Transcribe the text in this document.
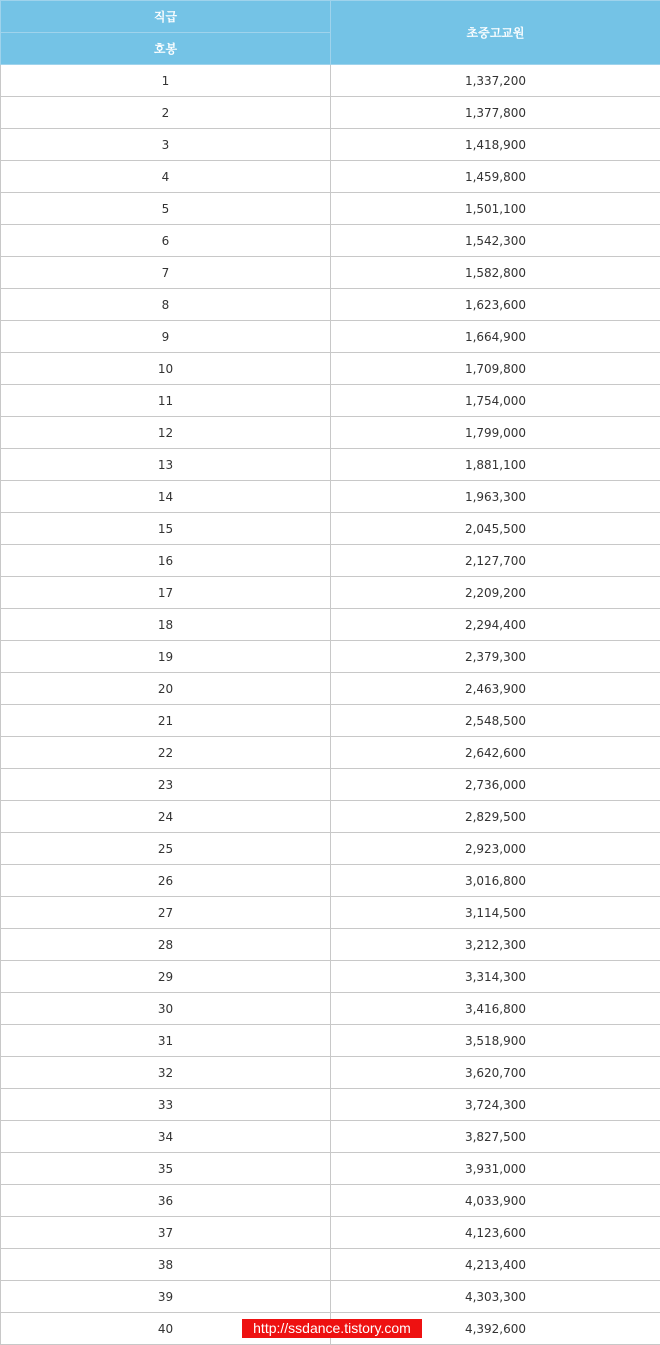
직급	초중고교원
호봉	
1	1,337,200
2	1,377,800
3	1,418,900
4	1,459,800
5	1,501,100
6	1,542,300
7	1,582,800
8	1,623,600
9	1,664,900
10	1,709,800
11	1,754,000
12	1,799,000
13	1,881,100
14	1,963,300
15	2,045,500
16	2,127,700
17	2,209,200
18	2,294,400
19	2,379,300
20	2,463,900
21	2,548,500
22	2,642,600
23	2,736,000
24	2,829,500
25	2,923,000
26	3,016,800
27	3,114,500
28	3,212,300
29	3,314,300
30	3,416,800
31	3,518,900
32	3,620,700
33	3,724,300
34	3,827,500
35	3,931,000
36	4,033,900
37	4,123,600
38	4,213,400
39	4,303,300
40	4,392,600
http://ssdance.tistory.com
